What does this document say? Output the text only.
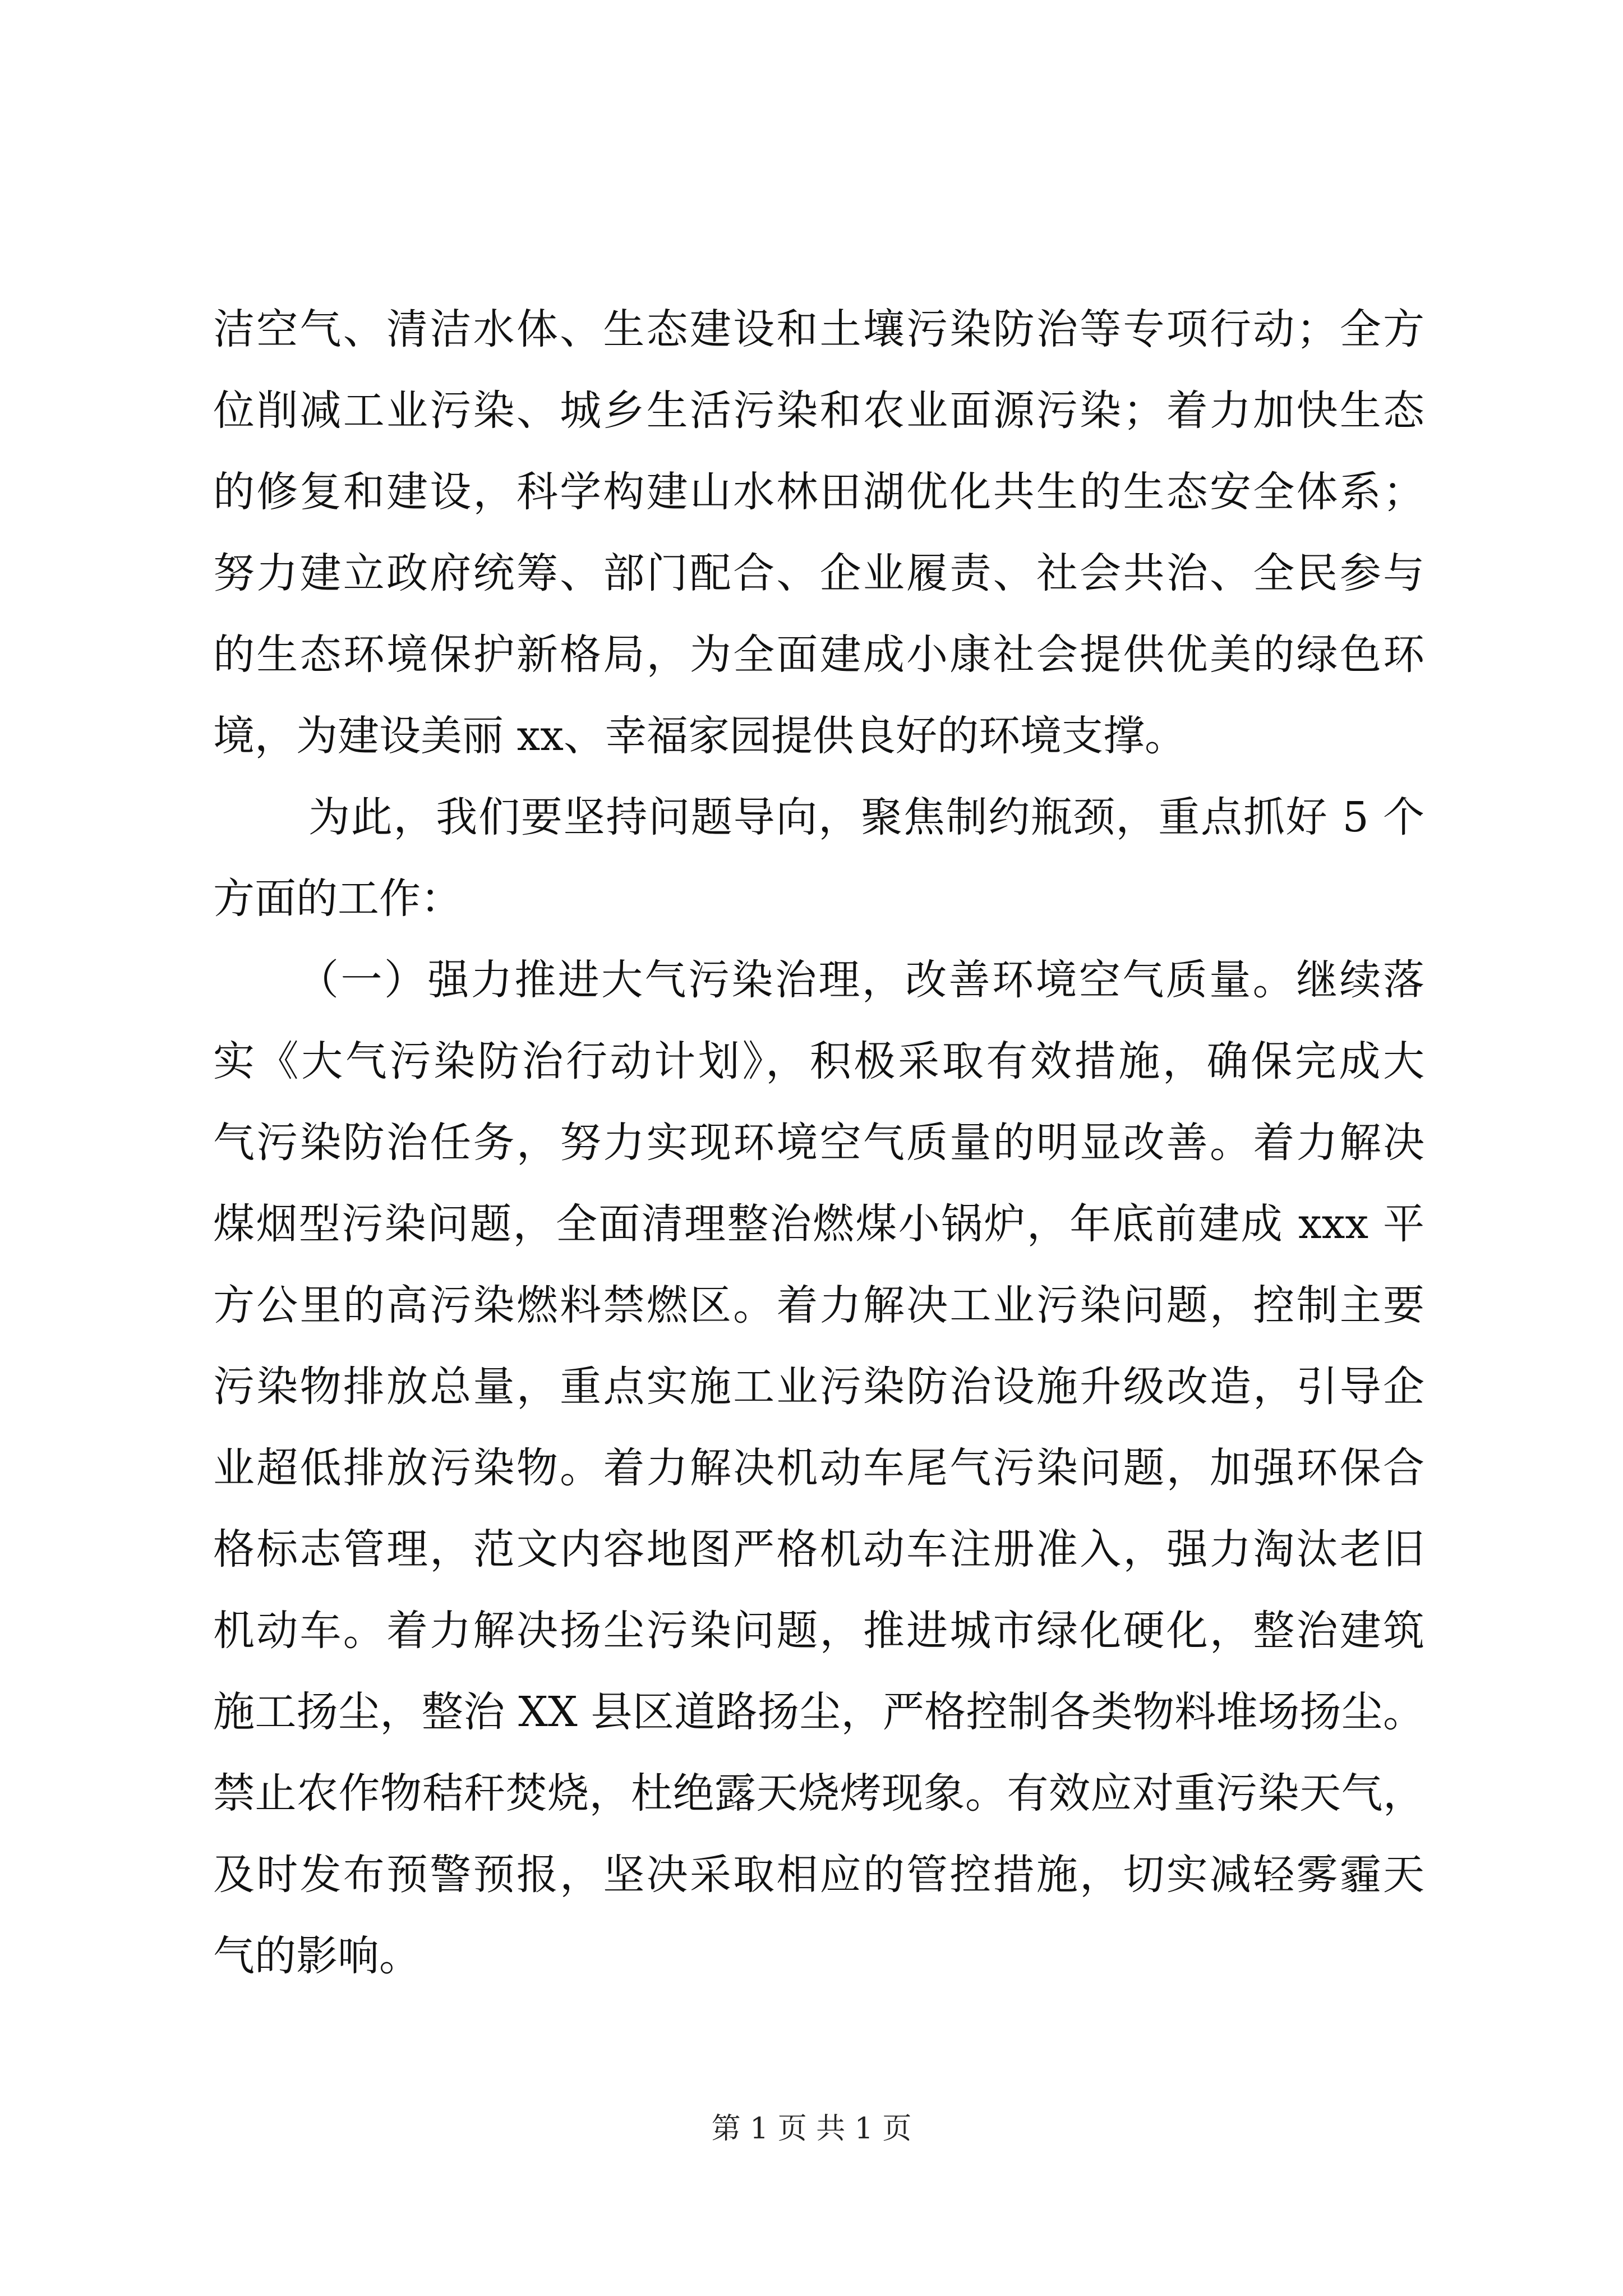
洁空气、清洁水体、生态建设和土壤污染防治等专项行动；全方
位削减工业污染、城乡生活污染和农业面源污染；着力加快生态
的修复和建设，科学构建山水林田湖优化共生的生态安全体系；
努力建立政府统筹、部门配合、企业履责、社会共治、全民参与
的生态环境保护新格局，为全面建成小康社会提供优美的绿色环
境，为建设美丽 xx、幸福家园提供良好的环境支撑。
为此，我们要坚持问题导向，聚焦制约瓶颈，重点抓好 5 个
方面的工作：
（一）强力推进大气污染治理，改善环境空气质量。继续落
实《大气污染防治行动计划》，积极采取有效措施，确保完成大
气污染防治任务，努力实现环境空气质量的明显改善。着力解决
煤烟型污染问题，全面清理整治燃煤小锅炉，年底前建成 xxx 平
方公里的高污染燃料禁燃区。着力解决工业污染问题，控制主要
污染物排放总量，重点实施工业污染防治设施升级改造，引导企
业超低排放污染物。着力解决机动车尾气污染问题，加强环保合
格标志管理，范文内容地图严格机动车注册准入，强力淘汰老旧
机动车。着力解决扬尘污染问题，推进城市绿化硬化，整治建筑
施工扬尘，整治 XX 县区道路扬尘，严格控制各类物料堆场扬尘。
禁止农作物秸秆焚烧，杜绝露天烧烤现象。有效应对重污染天气，
及时发布预警预报，坚决采取相应的管控措施，切实减轻雾霾天
气的影响。
第 1 页 共 1 页
